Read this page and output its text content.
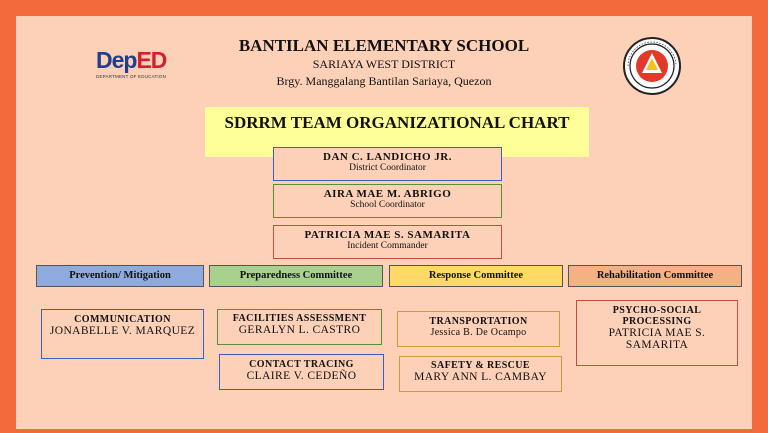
DepED
DEPARTMENT OF EDUCATION
BANTILAN ELEMENTARY SCHOOL
SARIAYA WEST DISTRICT
Brgy. Manggalang Bantilan Sariaya, Quezon
SDRRM TEAM ORGANIZATIONAL CHART
DAN C. LANDICHO JR.
District Coordinator
AIRA MAE M. ABRIGO
School Coordinator
PATRICIA MAE S. SAMARITA
Incident Commander
Prevention/ Mitigation	Preparedness Committee	Response Committee	Rehabilitation Committee
COMMUNICATION
JONABELLE V. MARQUEZ
FACILITIES ASSESSMENT
GERALYN L. CASTRO
CONTACT TRACING
CLAIRE V. CEDEÑO
TRANSPORTATION
Jessica B. De Ocampo
SAFETY & RESCUE
MARY ANN L. CAMBAY
PSYCHO-SOCIAL PROCESSING
PATRICIA MAE S. SAMARITA
